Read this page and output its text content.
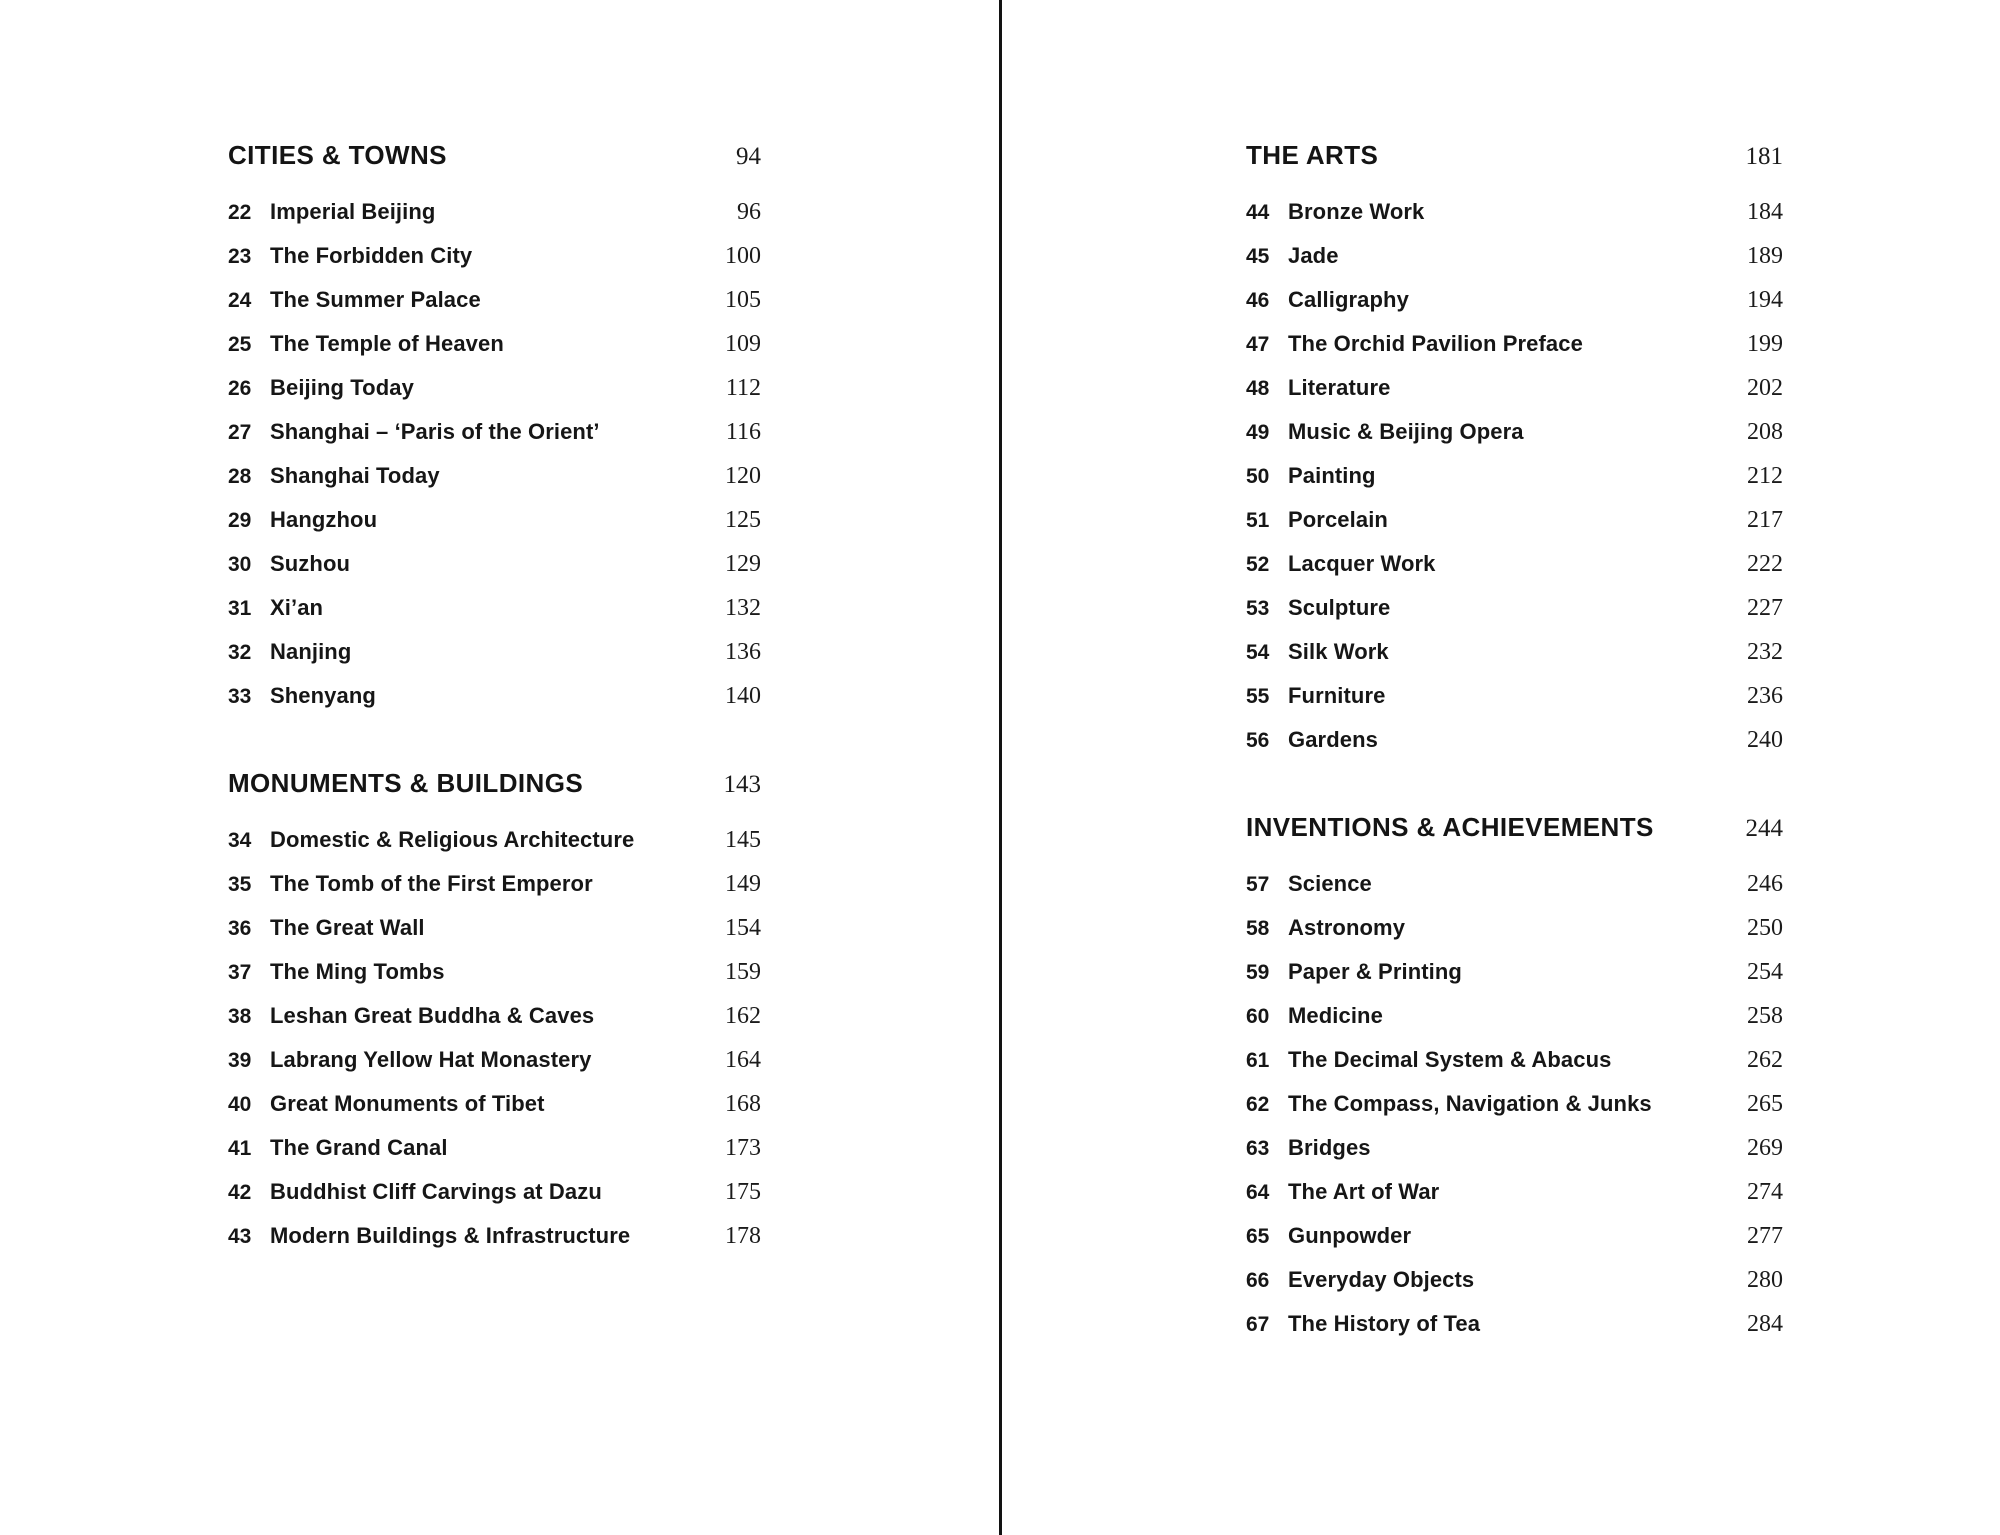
CITIES & TOWNS	94
22 Imperial Beijing	96
23 The Forbidden City	100
24 The Summer Palace	105
25 The Temple of Heaven	109
26 Beijing Today	112
27 Shanghai – ‘Paris of the Orient’	116
28 Shanghai Today	120
29 Hangzhou	125
30 Suzhou	129
31 Xi’an	132
32 Nanjing	136
33 Shenyang	140
MONUMENTS & BUILDINGS	143
34 Domestic & Religious Architecture	145
35 The Tomb of the First Emperor	149
36 The Great Wall	154
37 The Ming Tombs	159
38 Leshan Great Buddha & Caves	162
39 Labrang Yellow Hat Monastery	164
40 Great Monuments of Tibet	168
41 The Grand Canal	173
42 Buddhist Cliff Carvings at Dazu	175
43 Modern Buildings & Infrastructure	178
THE ARTS	181
44 Bronze Work	184
45 Jade	189
46 Calligraphy	194
47 The Orchid Pavilion Preface	199
48 Literature	202
49 Music & Beijing Opera	208
50 Painting	212
51 Porcelain	217
52 Lacquer Work	222
53 Sculpture	227
54 Silk Work	232
55 Furniture	236
56 Gardens	240
INVENTIONS & ACHIEVEMENTS	244
57 Science	246
58 Astronomy	250
59 Paper & Printing	254
60 Medicine	258
61 The Decimal System & Abacus	262
62 The Compass, Navigation & Junks	265
63 Bridges	269
64 The Art of War	274
65 Gunpowder	277
66 Everyday Objects	280
67 The History of Tea	284
